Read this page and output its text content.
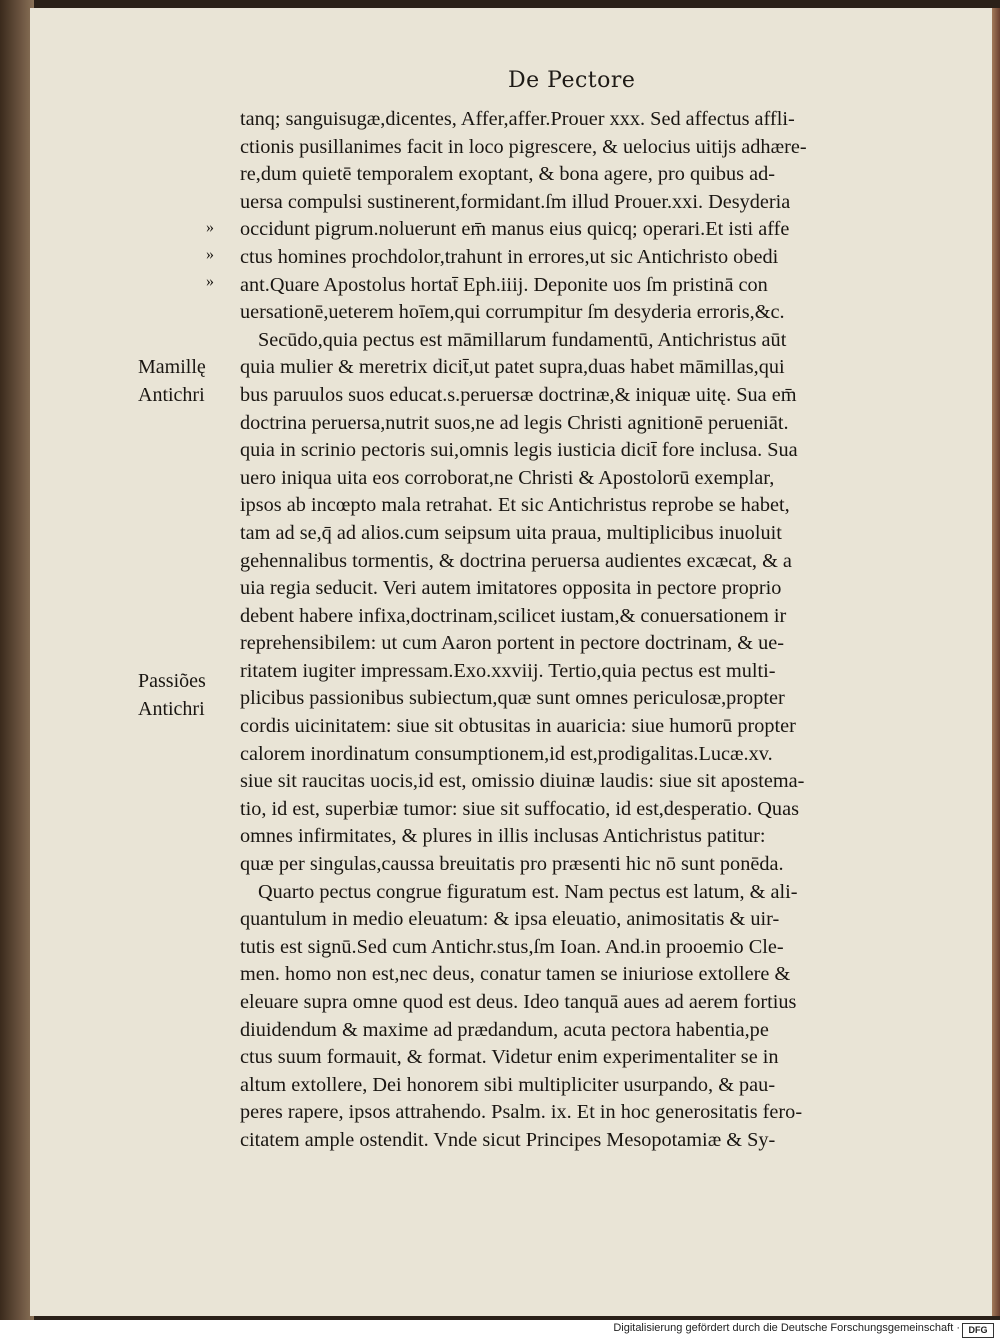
De Pectore
»
»
»
Mamillę
Antichri
Passiões
Antichri
tanq; sanguisugæ,dicentes, Affer,affer.Prouer xxx. Sed affectus affli-
ctionis pusillanimes facit in loco pigrescere, & uelocius uitijs adhære-
re,dum quietē temporalem exoptant, & bona agere, pro quibus ad-
uersa compulsi sustinerent,formidant.ſm illud Prouer.xxi. Desyderia
occidunt pigrum.noluerunt em̄ manus eius quicq; operari.Et isti affe
ctus homines prochdolor,trahunt in errores,ut sic Antichristo obedi
ant.Quare Apostolus hortat̄ Eph.iiij. Deponite uos ſm pristinā con
uersationē,ueterem hoīem,qui corrumpitur ſm desyderia erroris,&c.
Secūdo,quia pectus est māmillarum fundamentū, Antichristus aūt
quia mulier & meretrix dicit̄,ut patet supra,duas habet māmillas,qui
bus paruulos suos educat.s.peruersæ doctrinæ,& iniquæ uitę. Sua em̄
doctrina peruersa,nutrit suos,ne ad legis Christi agnitionē perueniāt.
quia in scrinio pectoris sui,omnis legis iusticia dicit̄ fore inclusa. Sua
uero iniqua uita eos corroborat,ne Christi & Apostolorū exemplar,
ipsos ab incœpto mala retrahat. Et sic Antichristus reprobe se habet,
tam ad se,q̄ ad alios.cum seipsum uita praua, multiplicibus inuoluit
gehennalibus tormentis, & doctrina peruersa audientes excæcat, & a
uia regia seducit. Veri autem imitatores opposita in pectore proprio
debent habere infixa,doctrinam,scilicet iustam,& conuersationem ir
reprehensibilem: ut cum Aaron portent in pectore doctrinam, & ue-
ritatem iugiter impressam.Exo.xxviij. Tertio,quia pectus est multi-
plicibus passionibus subiectum,quæ sunt omnes periculosæ,propter
cordis uicinitatem: siue sit obtusitas in auaricia: siue humorū propter
calorem inordinatum consumptionem,id est,prodigalitas.Lucæ.xv.
siue sit raucitas uocis,id est, omissio diuinæ laudis: siue sit apostema-
tio, id est, superbiæ tumor: siue sit suffocatio, id est,desperatio. Quas
omnes infirmitates, & plures in illis inclusas Antichristus patitur:
quæ per singulas,caussa breuitatis pro præsenti hic nō sunt ponēda.
Quarto pectus congrue figuratum est. Nam pectus est latum, & ali-
quantulum in medio eleuatum: & ipsa eleuatio, animositatis & uir-
tutis est signū.Sed cum Antichr.stus,ſm Ioan. And.in prooemio Cle-
men. homo non est,nec deus, conatur tamen se iniuriose extollere &
eleuare supra omne quod est deus. Ideo tanquā aues ad aerem fortius
diuidendum & maxime ad prædandum, acuta pectora habentia,pe
ctus suum formauit, & format. Videtur enim experimentaliter se in
altum extollere, Dei honorem sibi multipliciter usurpando, & pau-
peres rapere, ipsos attrahendo. Psalm. ix. Et in hoc generositatis fero-
citatem ample ostendit. Vnde sicut Principes Mesopotamiæ & Sy-
Digitalisierung gefördert durch die Deutsche Forschungsgemeinschaft · DFG
